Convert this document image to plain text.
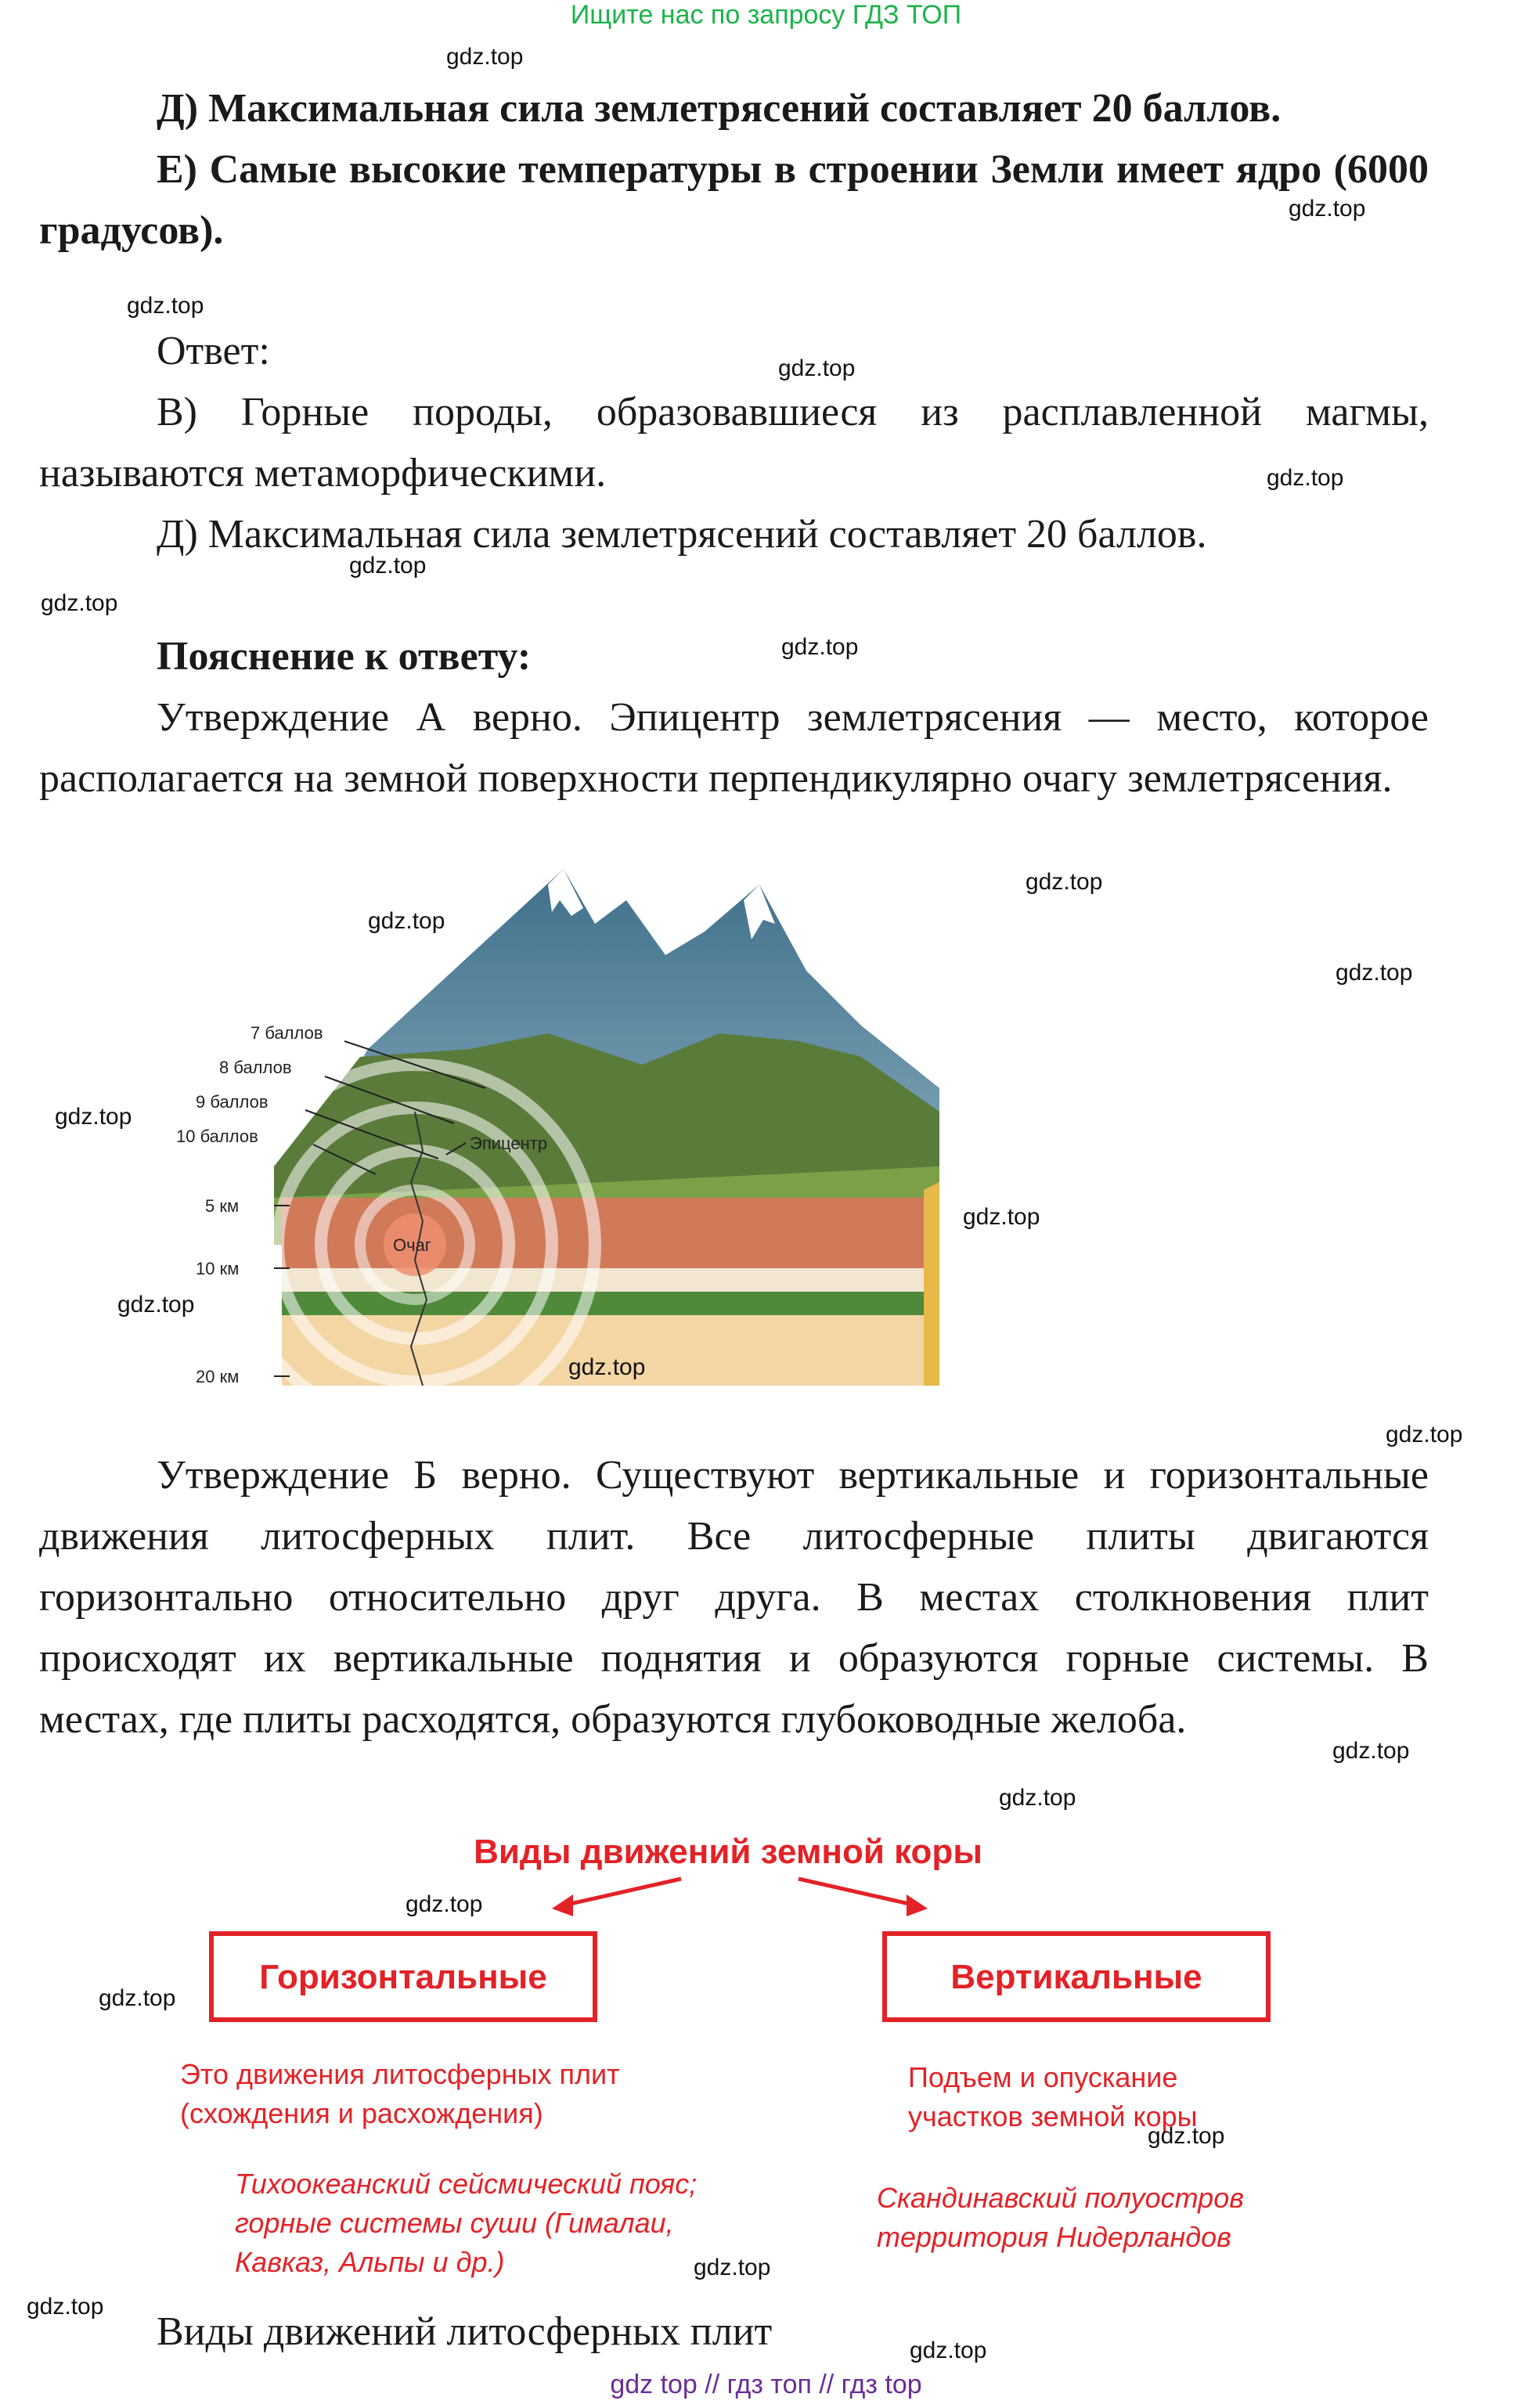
Ищите нас по запросу ГДЗ ТОП
Д) Максимальная сила землетрясений составляет 20 баллов.
Е) Самые высокие температуры в строении Земли имеет ядро (6000 градусов).
Ответ:
В) Горные породы, образовавшиеся из расплавленной магмы, называются метаморфическими.
Д) Максимальная сила землетрясений составляет 20 баллов.
Пояснение к ответу:
Утверждение А верно. Эпицентр землетрясения — место, которое располагается на земной поверхности перпендикулярно очагу землетрясения.
7 баллов
8 баллов
9 баллов
10 баллов
5 км
10 км
20 км
Эпицентр
Очаг
Утверждение Б верно. Существуют вертикальные и горизонтальные движения литосферных плит. Все литосферные плиты двигаются горизонтально относительно друг друга. В местах столкновения плит происходят их вертикальные поднятия и образуются горные системы. В местах, где плиты расходятся, образуются глубоководные желоба.
Виды движений земной коры
Горизонтальные	Вертикальные
Это движения литосферных плит
(схождения и расхождения)
Тихоокеанский сейсмический пояс;
горные системы суши (Гималаи,
Кавказ, Альпы и др.)
Подъем и опускание
участков земной коры
Скандинавский полуостров
территория Нидерландов
Виды движений литосферных плит
gdz.top
gdz.top
gdz.top
gdz.top
gdz.top
gdz.top
gdz.top
gdz.top
gdz.top
gdz.top
gdz.top
gdz.top
gdz.top
gdz.top
gdz.top
gdz.top
gdz.top
gdz.top
gdz.top
gdz.top
gdz.top
gdz.top
gdz.top
gdz.top
gdz top // гдз топ // гдз top
